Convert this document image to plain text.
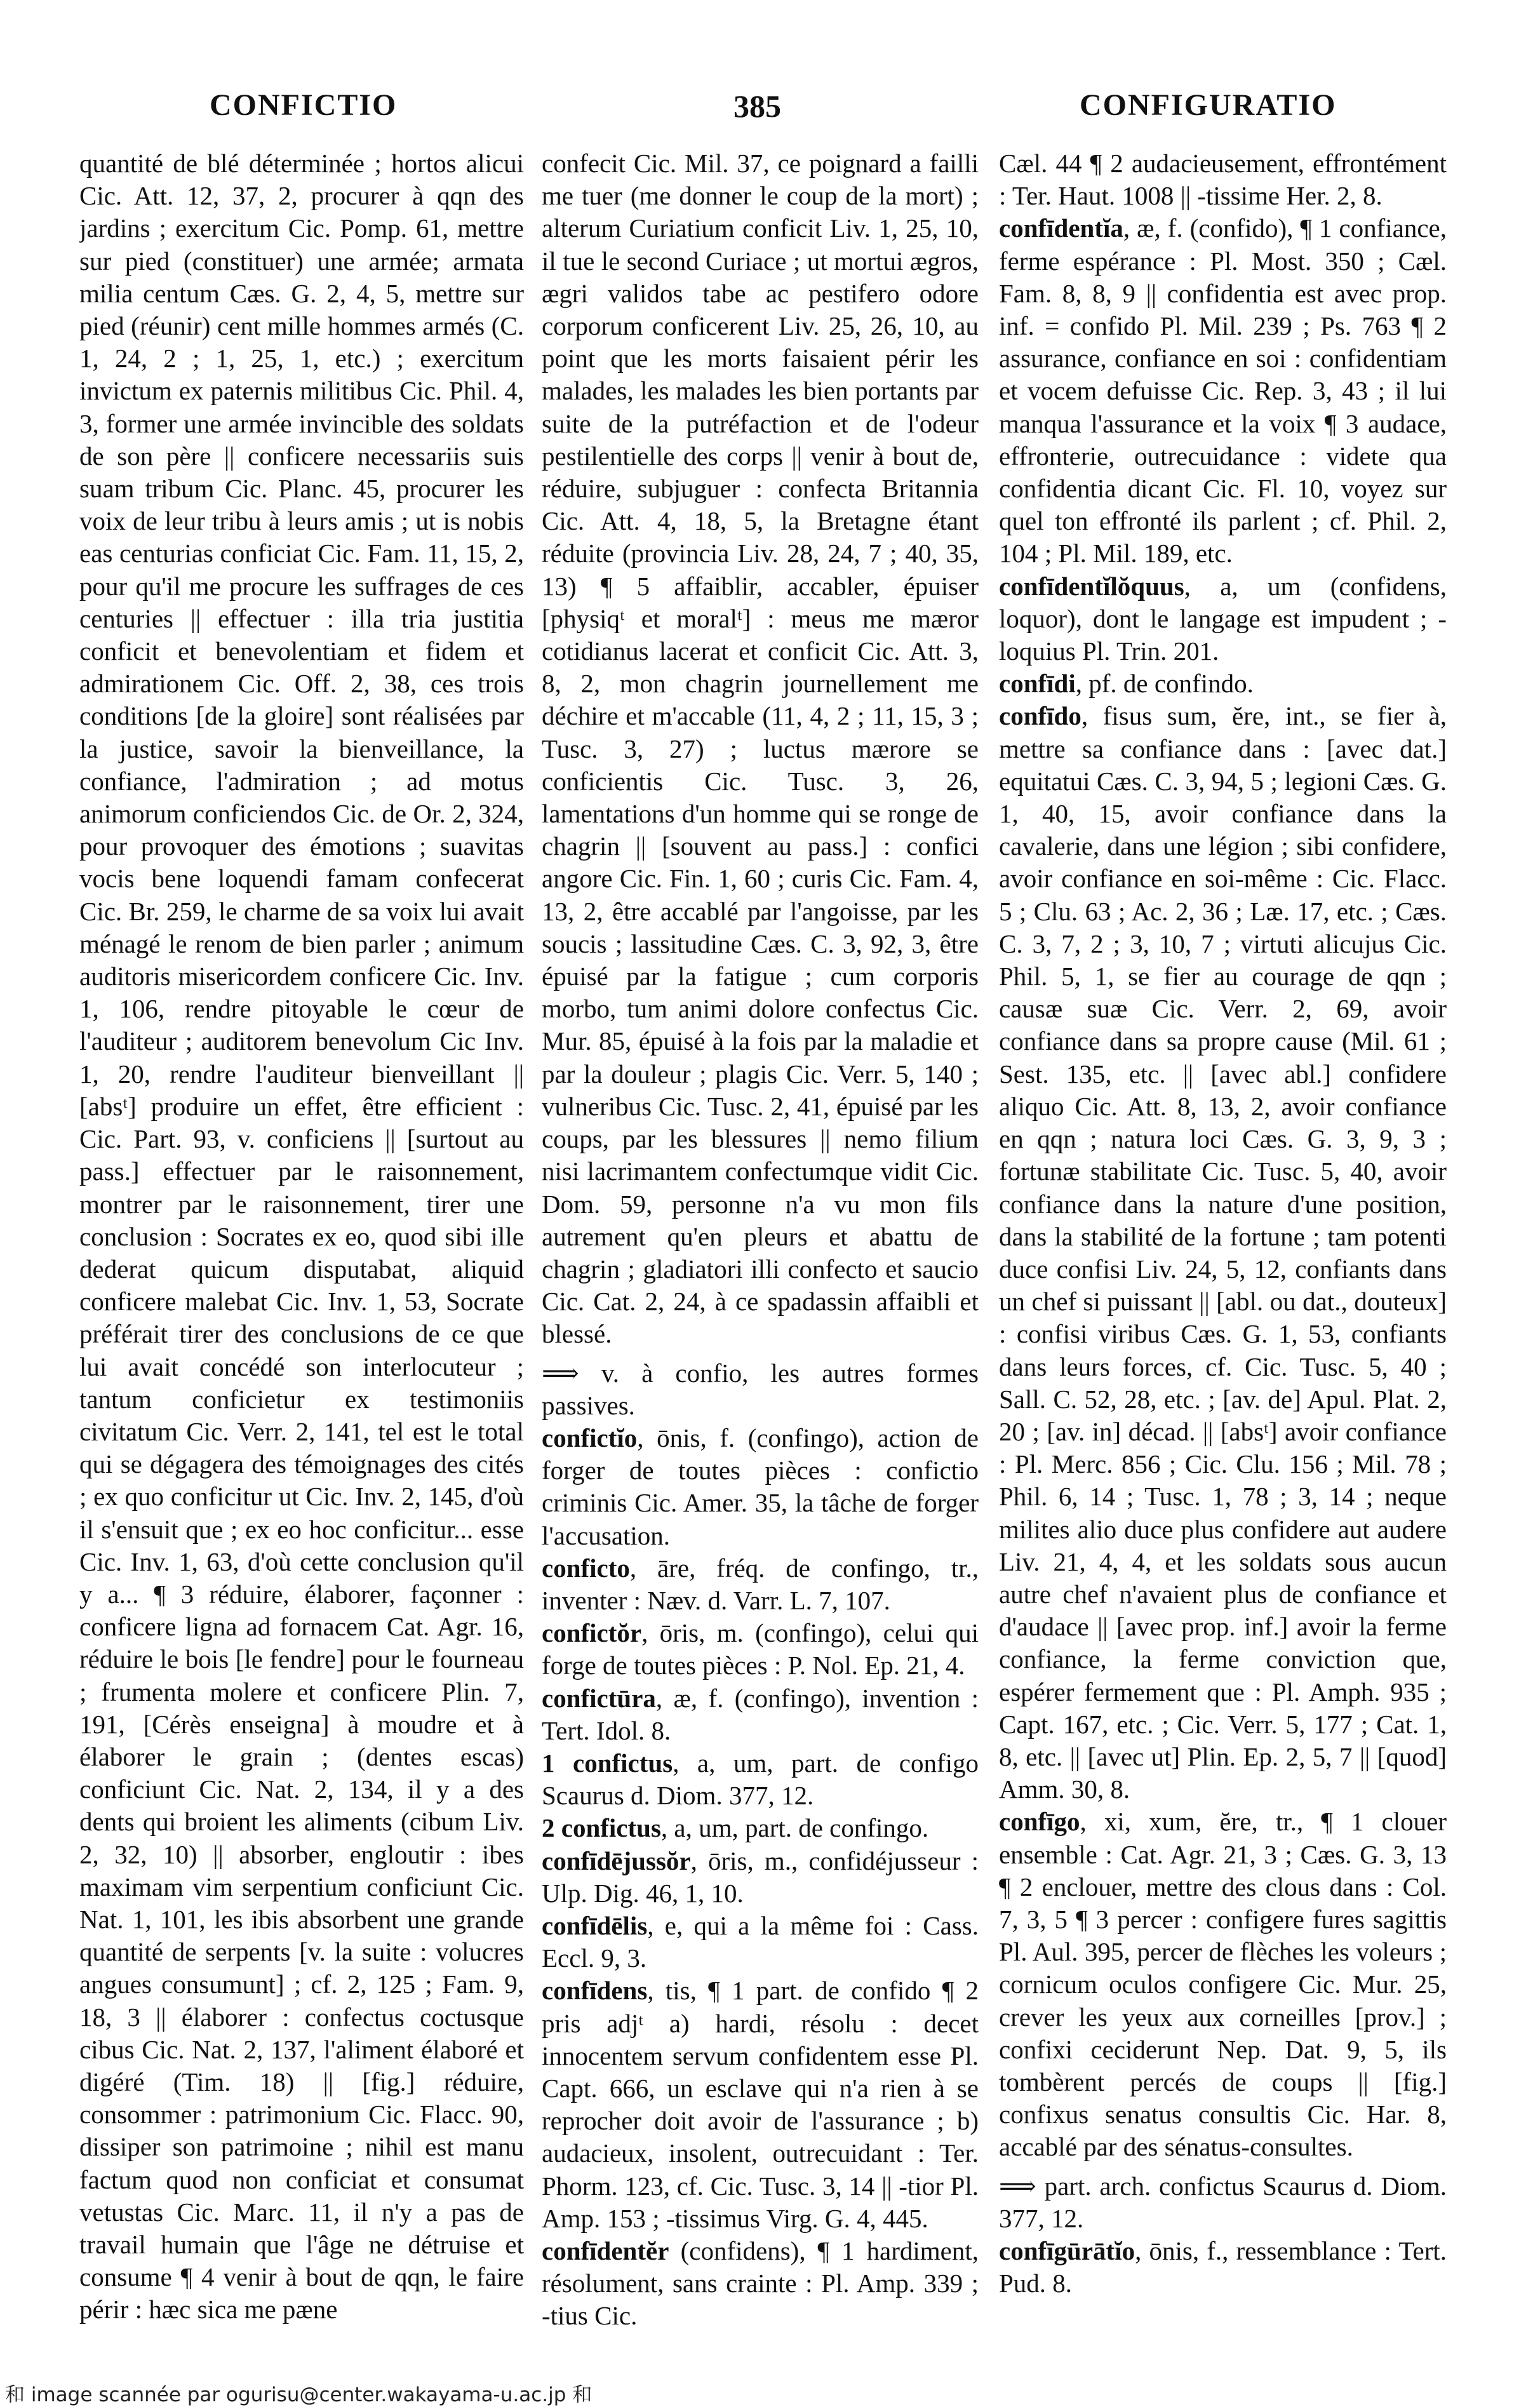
CONFICTIO	385	CONFIGURATIO

quantité de blé déterminée ; hortos alicui Cic. Att. 12, 37, 2, procurer à qqn des jardins ; exercitum Cic. Pomp. 61, mettre sur pied (constituer) une armée; armata milia centum Cæs. G. 2, 4, 5, mettre sur pied (réunir) cent mille hommes armés (C. 1, 24, 2 ; 1, 25, 1, etc.) ; exercitum invictum ex paternis militibus Cic. Phil. 4, 3, former une armée invincible des soldats de son père || conficere necessariis suis suam tribum Cic. Planc. 45, procurer les voix de leur tribu à leurs amis ; ut is nobis eas centurias conficiat Cic. Fam. 11, 15, 2, pour qu'il me procure les suffrages de ces centuries || effectuer : illa tria justitia conficit et benevolentiam et fidem et admirationem Cic. Off. 2, 38, ces trois conditions [de la gloire] sont réalisées par la justice, savoir la bienveillance, la confiance, l'admiration ; ad motus animorum conficiendos Cic. de Or. 2, 324, pour provoquer des émotions ; suavitas vocis bene loquendi famam confecerat Cic. Br. 259, le charme de sa voix lui avait ménagé le renom de bien parler ; animum auditoris misericordem conficere Cic. Inv. 1, 106, rendre pitoyable le cœur de l'auditeur ; auditorem benevolum Cic Inv. 1, 20, rendre l'auditeur bienveillant || [absᵗ] produire un effet, être efficient : Cic. Part. 93, v. conficiens || [surtout au pass.] effectuer par le raisonnement, montrer par le raisonnement, tirer une conclusion : Socrates ex eo, quod sibi ille dederat quicum disputabat, aliquid conficere malebat Cic. Inv. 1, 53, Socrate préférait tirer des conclusions de ce que lui avait concédé son interlocuteur ; tantum conficietur ex testimoniis civitatum Cic. Verr. 2, 141, tel est le total qui se dégagera des témoignages des cités ; ex quo conficitur ut Cic. Inv. 2, 145, d'où il s'ensuit que ; ex eo hoc conficitur... esse Cic. Inv. 1, 63, d'où cette conclusion qu'il y a... ¶ 3 réduire, élaborer, façonner : conficere ligna ad fornacem Cat. Agr. 16, réduire le bois [le fendre] pour le fourneau ; frumenta molere et conficere Plin. 7, 191, [Cérès enseigna] à moudre et à élaborer le grain ; (dentes escas) conficiunt Cic. Nat. 2, 134, il y a des dents qui broient les aliments (cibum Liv. 2, 32, 10) || absorber, engloutir : ibes maximam vim serpentium conficiunt Cic. Nat. 1, 101, les ibis absorbent une grande quantité de serpents [v. la suite : volucres angues consumunt] ; cf. 2, 125 ; Fam. 9, 18, 3 || élaborer : confectus coctusque cibus Cic. Nat. 2, 137, l'aliment élaboré et digéré (Tim. 18) || [fig.] réduire, consommer : patrimonium Cic. Flacc. 90, dissiper son patrimoine ; nihil est manu factum quod non conficiat et consumat vetustas Cic. Marc. 11, il n'y a pas de travail humain que l'âge ne détruise et consume ¶ 4 venir à bout de qqn, le faire périr : hæc sica me pæne

confecit Cic. Mil. 37, ce poignard a failli me tuer (me donner le coup de la mort) ; alterum Curiatium conficit Liv. 1, 25, 10, il tue le second Curiace ; ut mortui ægros, ægri validos tabe ac pestifero odore corporum conficerent Liv. 25, 26, 10, au point que les morts faisaient périr les malades, les malades les bien portants par suite de la putréfaction et de l'odeur pestilentielle des corps || venir à bout de, réduire, subjuguer : confecta Britannia Cic. Att. 4, 18, 5, la Bretagne étant réduite (provincia Liv. 28, 24, 7 ; 40, 35, 13) ¶ 5 affaiblir, accabler, épuiser [physiqᵗ et moralᵗ] : meus me mæror cotidianus lacerat et conficit Cic. Att. 3, 8, 2, mon chagrin journellement me déchire et m'accable (11, 4, 2 ; 11, 15, 3 ; Tusc. 3, 27) ; luctus mærore se conficientis Cic. Tusc. 3, 26, lamentations d'un homme qui se ronge de chagrin || [souvent au pass.] : confici angore Cic. Fin. 1, 60 ; curis Cic. Fam. 4, 13, 2, être accablé par l'angoisse, par les soucis ; lassitudine Cæs. C. 3, 92, 3, être épuisé par la fatigue ; cum corporis morbo, tum animi dolore confectus Cic. Mur. 85, épuisé à la fois par la maladie et par la douleur ; plagis Cic. Verr. 5, 140 ; vulneribus Cic. Tusc. 2, 41, épuisé par les coups, par les blessures || nemo filium nisi lacrimantem confectumque vidit Cic. Dom. 59, personne n'a vu mon fils autrement qu'en pleurs et abattu de chagrin ; gladiatori illi confecto et saucio Cic. Cat. 2, 24, à ce spadassin affaibli et blessé.

⟹ v. à confio, les autres formes passives.

confictĭo, ōnis, f. (confingo), action de forger de toutes pièces : confictio criminis Cic. Amer. 35, la tâche de forger l'accusation.

conficto, āre, fréq. de confingo, tr., inventer : Næv. d. Varr. L. 7, 107.

confictŏr, ōris, m. (confingo), celui qui forge de toutes pièces : P. Nol. Ep. 21, 4.

confictūra, æ, f. (confingo), invention : Tert. Idol. 8.

1 confictus, a, um, part. de configo Scaurus d. Diom. 377, 12.

2 confictus, a, um, part. de confingo.

confīdējussŏr, ōris, m., confidéjusseur : Ulp. Dig. 46, 1, 10.

confīdēlis, e, qui a la même foi : Cass. Eccl. 9, 3.

confīdens, tis, ¶ 1 part. de confido ¶ 2 pris adjᵗ a) hardi, résolu : decet innocentem servum confidentem esse Pl. Capt. 666, un esclave qui n'a rien à se reprocher doit avoir de l'assurance ; b) audacieux, insolent, outrecuidant : Ter. Phorm. 123, cf. Cic. Tusc. 3, 14 || -tior Pl. Amp. 153 ; -tissimus Virg. G. 4, 445.

confīdentĕr (confidens), ¶ 1 hardiment, résolument, sans crainte : Pl. Amp. 339 ; -tius Cic.

Cæl. 44 ¶ 2 audacieusement, effrontément : Ter. Haut. 1008 || -tissime Her. 2, 8.

confīdentĭa, æ, f. (confido), ¶ 1 confiance, ferme espérance : Pl. Most. 350 ; Cæl. Fam. 8, 8, 9 || confidentia est avec prop. inf. = confido Pl. Mil. 239 ; Ps. 763 ¶ 2 assurance, confiance en soi : confidentiam et vocem defuisse Cic. Rep. 3, 43 ; il lui manqua l'assurance et la voix ¶ 3 audace, effronterie, outrecuidance : videte qua confidentia dicant Cic. Fl. 10, voyez sur quel ton effronté ils parlent ; cf. Phil. 2, 104 ; Pl. Mil. 189, etc.

confīdentĭlŏquus, a, um (confidens, loquor), dont le langage est impudent ; -loquius Pl. Trin. 201.

confīdi, pf. de confindo.

confīdo, fisus sum, ĕre, int., se fier à, mettre sa confiance dans : [avec dat.] equitatui Cæs. C. 3, 94, 5 ; legioni Cæs. G. 1, 40, 15, avoir confiance dans la cavalerie, dans une légion ; sibi confidere, avoir confiance en soi-même : Cic. Flacc. 5 ; Clu. 63 ; Ac. 2, 36 ; Læ. 17, etc. ; Cæs. C. 3, 7, 2 ; 3, 10, 7 ; virtuti alicujus Cic. Phil. 5, 1, se fier au courage de qqn ; causæ suæ Cic. Verr. 2, 69, avoir confiance dans sa propre cause (Mil. 61 ; Sest. 135, etc. || [avec abl.] confidere aliquo Cic. Att. 8, 13, 2, avoir confiance en qqn ; natura loci Cæs. G. 3, 9, 3 ; fortunæ stabilitate Cic. Tusc. 5, 40, avoir confiance dans la nature d'une position, dans la stabilité de la fortune ; tam potenti duce confisi Liv. 24, 5, 12, confiants dans un chef si puissant || [abl. ou dat., douteux] : confisi viribus Cæs. G. 1, 53, confiants dans leurs forces, cf. Cic. Tusc. 5, 40 ; Sall. C. 52, 28, etc. ; [av. de] Apul. Plat. 2, 20 ; [av. in] décad. || [absᵗ] avoir confiance : Pl. Merc. 856 ; Cic. Clu. 156 ; Mil. 78 ; Phil. 6, 14 ; Tusc. 1, 78 ; 3, 14 ; neque milites alio duce plus confidere aut audere Liv. 21, 4, 4, et les soldats sous aucun autre chef n'avaient plus de confiance et d'audace || [avec prop. inf.] avoir la ferme confiance, la ferme conviction que, espérer fermement que : Pl. Amph. 935 ; Capt. 167, etc. ; Cic. Verr. 5, 177 ; Cat. 1, 8, etc. || [avec ut] Plin. Ep. 2, 5, 7 || [quod] Amm. 30, 8.

confīgo, xi, xum, ĕre, tr., ¶ 1 clouer ensemble : Cat. Agr. 21, 3 ; Cæs. G. 3, 13 ¶ 2 enclouer, mettre des clous dans : Col. 7, 3, 5 ¶ 3 percer : configere fures sagittis Pl. Aul. 395, percer de flèches les voleurs ; cornicum oculos configere Cic. Mur. 25, crever les yeux aux corneilles [prov.] ; confixi ceciderunt Nep. Dat. 9, 5, ils tombèrent percés de coups || [fig.] confixus senatus consultis Cic. Har. 8, accablé par des sénatus-consultes.

⟹ part. arch. confictus Scaurus d. Diom. 377, 12.

confīgūrātĭo, ōnis, f., ressemblance : Tert. Pud. 8.

和 image scannée par ogurisu@center.wakayama-u.ac.jp 和
